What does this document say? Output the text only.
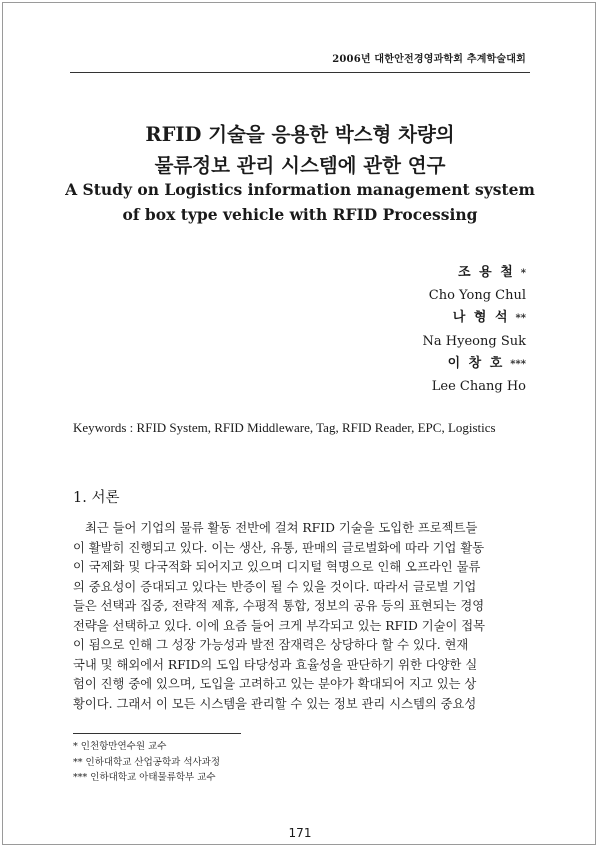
2006년 대한안전경영과학회 추계학술대회
RFID 기술을 응용한 박스형 차량의
물류정보 관리 시스템에 관한 연구
A Study on Logistics information management system
of box type vehicle with RFID Processing
조 용 철 *
Cho Yong Chul
나 형 석 **
Na Hyeong Suk
이 창 호 ***
Lee Chang Ho
Keywords : RFID System, RFID Middleware, Tag, RFID Reader, EPC, Logistics
1. 서론
최근 들어 기업의 물류 활동 전반에 걸쳐 RFID 기술을 도입한 프로젝트들
이 활발히 진행되고 있다. 이는 생산, 유통, 판매의 글로벌화에 따라 기업 활동
이 국제화 및 다국적화 되어지고 있으며 디지털 혁명으로 인해 오프라인 물류
의 중요성이 증대되고 있다는 반증이 될 수 있을 것이다. 따라서 글로벌 기업
들은 선택과 집중, 전략적 제휴, 수평적 통합, 정보의 공유 등의 표현되는 경영
전략을 선택하고 있다. 이에 요즘 들어 크게 부각되고 있는 RFID 기술이 접목
이 됨으로 인해 그 성장 가능성과 발전 잠재력은 상당하다 할 수 있다. 현재
국내 및 해외에서 RFID의 도입 타당성과 효율성을 판단하기 위한 다양한 실
험이 진행 중에 있으며, 도입을 고려하고 있는 분야가 확대되어 지고 있는 상
황이다. 그래서 이 모든 시스템을 관리할 수 있는 정보 관리 시스템의 중요성
* 인천항만연수원 교수
** 인하대학교 산업공학과 석사과정
*** 인하대학교 아태물류학부 교수
171
